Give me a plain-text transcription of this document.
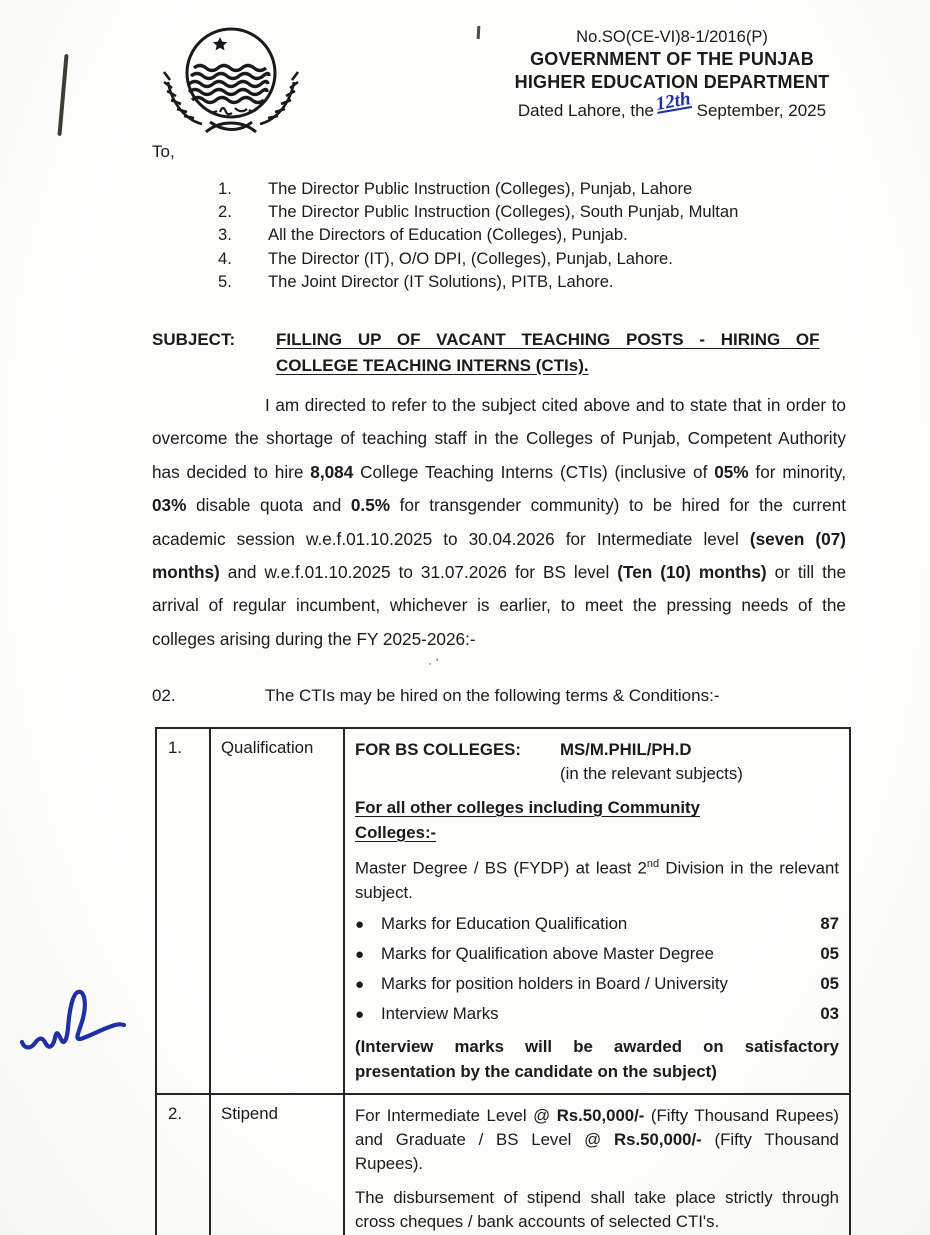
·'
No.SO(CE-VI)8-1/2016(P)
GOVERNMENT OF THE PUNJAB
HIGHER EDUCATION DEPARTMENT
Dated Lahore, the12th September, 2025
To,
1.	The Director Public Instruction (Colleges), Punjab, Lahore
2.	The Director Public Instruction (Colleges), South Punjab, Multan
3.	All the Directors of Education (Colleges), Punjab.
4.	The Director (IT), O/O DPI, (Colleges), Punjab, Lahore.
5.	The Joint Director (IT Solutions), PITB, Lahore.
SUBJECT:	FILLING UP OF VACANT TEACHING POSTS - HIRING OF
COLLEGE TEACHING INTERNS (CTIs).
I am directed to refer to the subject cited above and to state that in order to overcome the shortage of teaching staff in the Colleges of Punjab, Competent Authority has decided to hire 8,084 College Teaching Interns (CTIs) (inclusive of 05% for minority, 03% disable quota and 0.5% for transgender community) to be hired for the current academic session w.e.f.01.10.2025 to 30.04.2026 for Intermediate level (seven (07) months) and w.e.f.01.10.2025 to 31.07.2026 for BS level (Ten (10) months) or till the arrival of regular incumbent, whichever is earlier, to meet the pressing needs of the colleges arising during the FY 2025-2026:-
02.	The CTIs may be hired on the following terms & Conditions:-
1.	Qualification	FOR BS COLLEGES:	MS/M.PHIL/PH.D
(in the relevant subjects)
For all other colleges including Community Colleges:-
Master Degree / BS (FYDP) at least 2nd Division in the relevant subject.
●	Marks for Education Qualification	87
●	Marks for Qualification above Master Degree	05
●	Marks for position holders in Board / University	05
●	Interview Marks	03
(Interview marks will be awarded on satisfactory presentation by the candidate on the subject)
2.	Stipend	For Intermediate Level @ Rs.50,000/- (Fifty Thousand Rupees) and Graduate / BS Level @ Rs.50,000/- (Fifty Thousand Rupees).
The disbursement of stipend shall take place strictly through cross cheques / bank accounts of selected CTI's.
